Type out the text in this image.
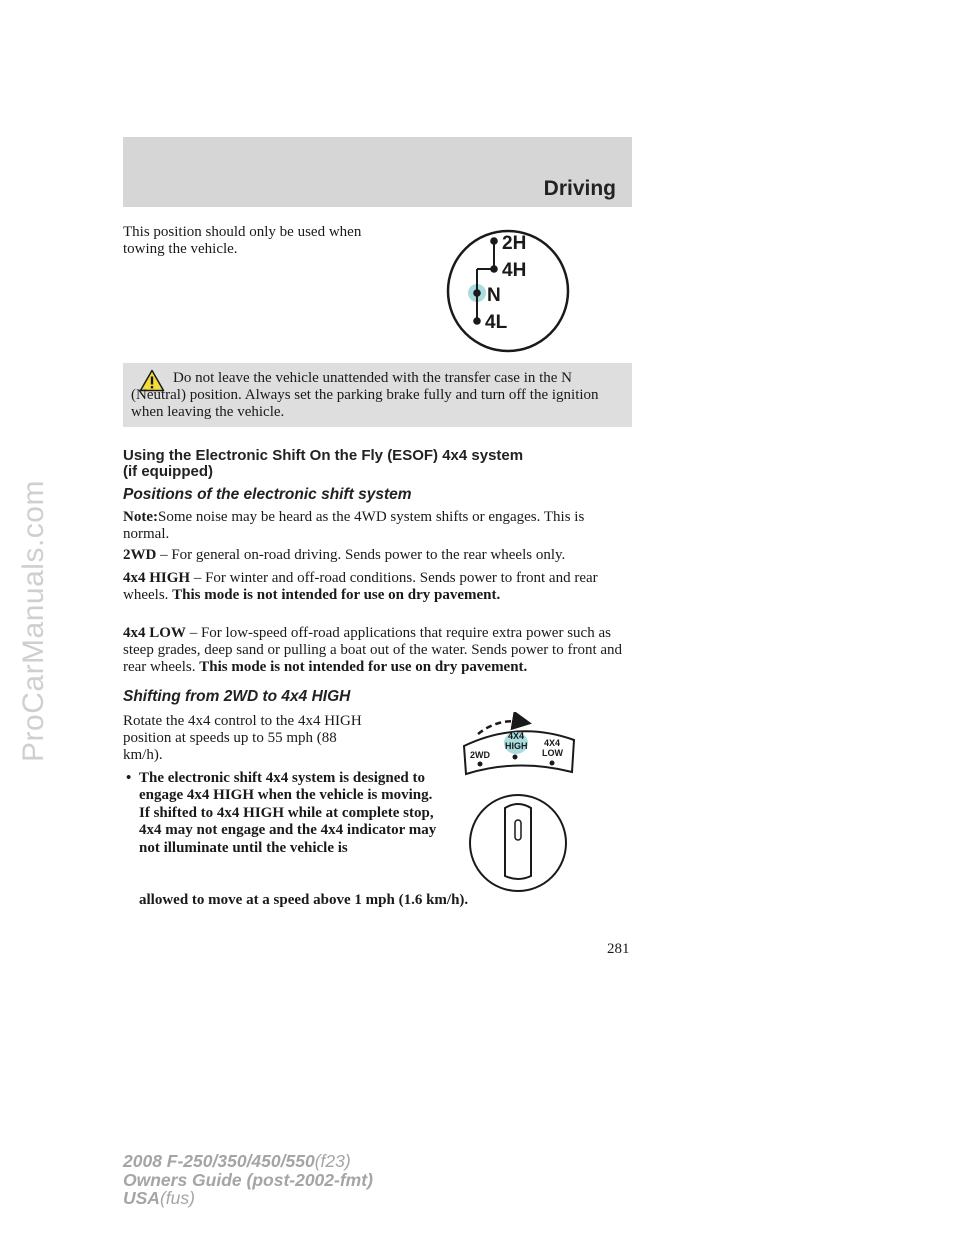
ProCarManuals.com
Driving

This position should only be used when towing the vehicle.	2H
4H
N
4L

Do not leave the vehicle unattended with the transfer case in the N (Neutral) position. Always set the parking brake fully and turn off the ignition when leaving the vehicle.

Using the Electronic Shift On the Fly (ESOF) 4x4 system
(if equipped)
Positions of the electronic shift system

Note:Some noise may be heard as the 4WD system shifts or engages. This is normal.

2WD – For general on-road driving. Sends power to the rear wheels only.

4x4 HIGH – For winter and off-road conditions. Sends power to front and rear wheels. This mode is not intended for use on dry pavement.

4x4 LOW – For low-speed off-road applications that require extra power such as steep grades, deep sand or pulling a boat out of the water. Sends power to front and rear wheels. This mode is not intended for use on dry pavement.

Shifting from 2WD to 4x4 HIGH

Rotate the 4x4 control to the 4x4 HIGH position at speeds up to 55 mph (88 km/h).

• The electronic shift 4x4 system is designed to engage 4x4 HIGH when the vehicle is moving. If shifted to 4x4 HIGH while at complete stop, 4x4 may not engage and the 4x4 indicator may not illuminate until the vehicle is

allowed to move at a speed above 1 mph (1.6 km/h).

2WD
4X4
HIGH 4X4
LOW
281
2008 F-250/350/450/550(f23)
Owners Guide (post-2002-fmt)
USA(fus)
